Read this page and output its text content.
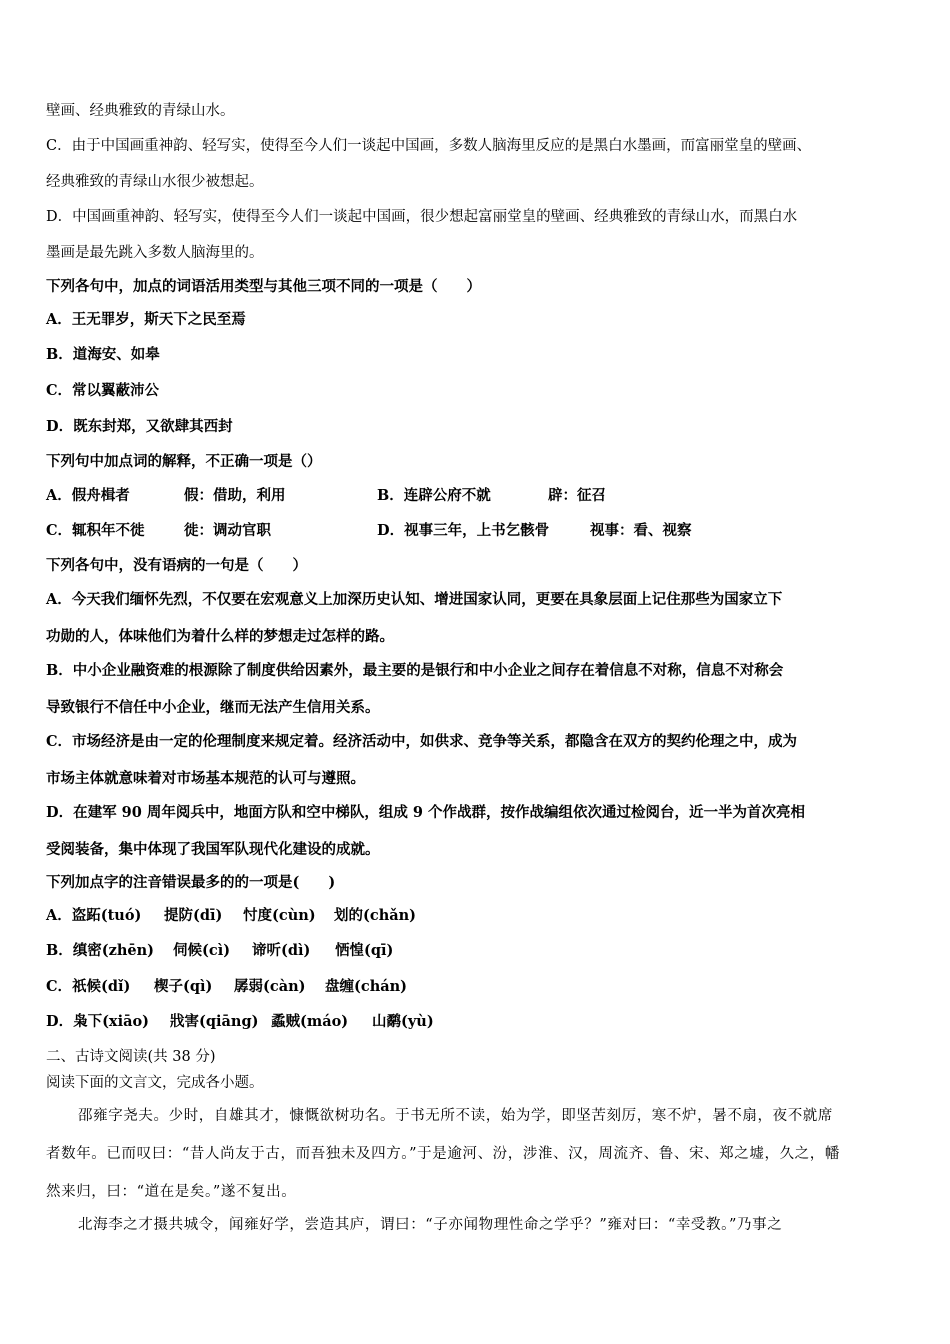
壁画、经典雅致的青绿山水。
C．由于中国画重神韵、轻写实，使得至今人们一谈起中国画，多数人脑海里反应的是黑白水墨画，而富丽堂皇的壁画、
经典雅致的青绿山水很少被想起。
D．中国画重神韵、轻写实，使得至今人们一谈起中国画，很少想起富丽堂皇的壁画、经典雅致的青绿山水，而黑白水
墨画是最先跳入多数人脑海里的。
下列各句中，加点的词语活用类型与其他三项不同的一项是（　　）
A．王无罪岁，斯天下之民至焉
B．道海安、如皋
C．常以翼蔽沛公
D．既东封郑，又欲肆其西封
下列句中加点词的解释，不正确一项是（）
A．假舟楫者	假：借助，利用	B．连辟公府不就	辟：征召
C．辄积年不徙	徙：调动官职	D．视事三年，上书乞骸骨	视事：看、视察
下列各句中，没有语病的一句是（　　）
A．今天我们缅怀先烈，不仅要在宏观意义上加深历史认知、增进国家认同，更要在具象层面上记住那些为国家立下
功勋的人，体味他们为着什么样的梦想走过怎样的路。
B．中小企业融资难的根源除了制度供给因素外，最主要的是银行和中小企业之间存在着信息不对称，信息不对称会
导致银行不信任中小企业，继而无法产生信用关系。
C．市场经济是由一定的伦理制度来规定着。经济活动中，如供求、竞争等关系，都隐含在双方的契约伦理之中，成为
市场主体就意味着对市场基本规范的认可与遵照。
D．在建军 90 周年阅兵中，地面方队和空中梯队，组成 9 个作战群，按作战编组依次通过检阅台，近一半为首次亮相
受阅装备，集中体现了我国军队现代化建设的成就。
下列加点字的注音错误最多的的一项是(　　)
A．盗跖(tuó) 提防(dī) 忖度(cùn) 划的(chǎn)
B．缜密(zhēn) 伺候(cì) 谛听(dì) 恓惶(qī)
C．祇候(dǐ) 楔子(qì) 孱弱(càn) 盘缠(chán)
D．枭下(xiāo) 戕害(qiāng) 蟊贼(máo) 山鹬(yù)
二、古诗文阅读(共 38 分)
阅读下面的文言文，完成各小题。
邵雍字尧夫。少时，自雄其才，慷慨欲树功名。于书无所不读，始为学，即坚苦刻厉，寒不炉，暑不扇，夜不就席
者数年。已而叹曰：“昔人尚友于古，而吾独未及四方。”于是逾河、汾，涉淮、汉，周流齐、鲁、宋、郑之墟，久之，幡
然来归，曰：“道在是矣。”遂不复出。
北海李之才摄共城令，闻雍好学，尝造其庐，谓曰：“子亦闻物理性命之学乎？”雍对曰：“幸受教。”乃事之
